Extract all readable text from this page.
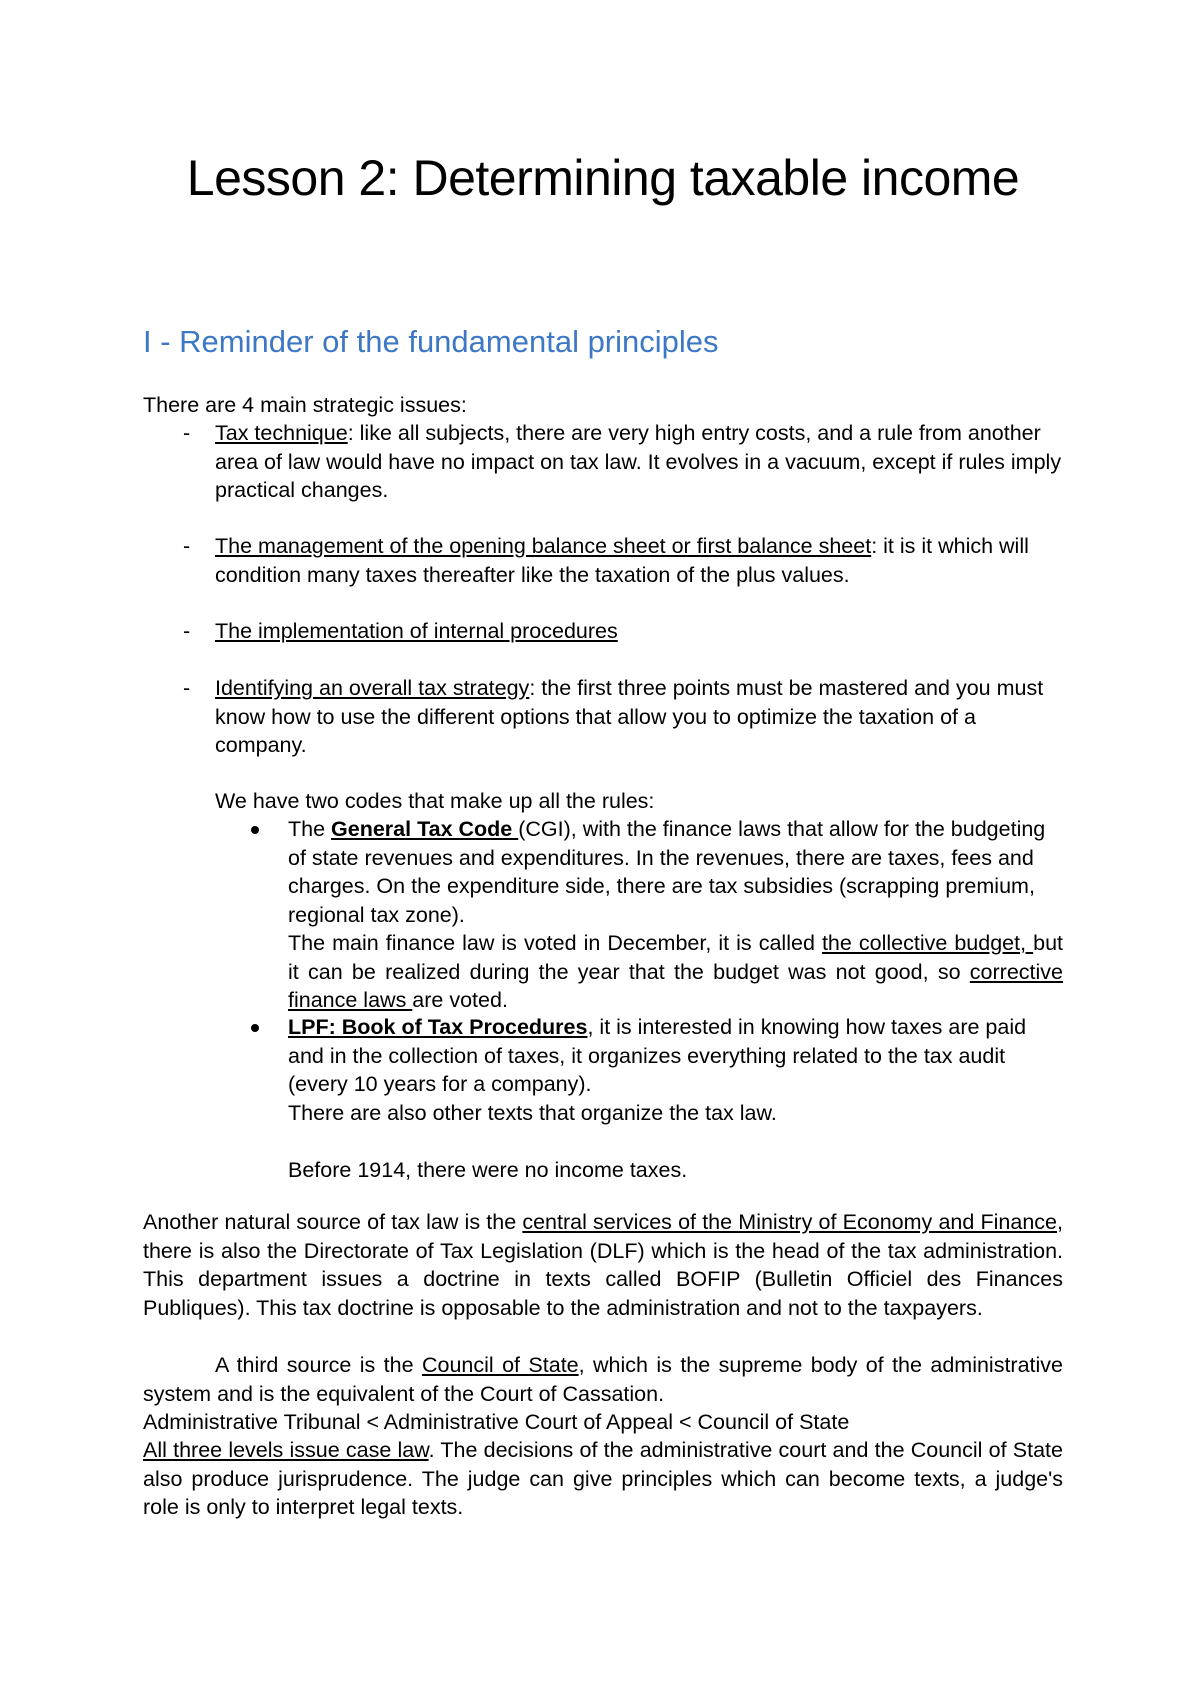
Lesson 2: Determining taxable income
I - Reminder of the fundamental principles

There are 4 main strategic issues:

- Tax technique: like all subjects, there are very high entry costs, and a rule from another area of law would have no impact on tax law. It evolves in a vacuum, except if rules imply practical changes.
- The management of the opening balance sheet or first balance sheet: it is it which will condition many taxes thereafter like the taxation of the plus values.
- The implementation of internal procedures
- Identifying an overall tax strategy: the first three points must be mastered and you must know how to use the different options that allow you to optimize the taxation of a company.

We have two codes that make up all the rules:

The General Tax Code (CGI), with the finance laws that allow for the budgeting of state revenues and expenditures. In the revenues, there are taxes, fees and charges. On the expenditure side, there are tax subsidies (scrapping premium, regional tax zone).
The main finance law is voted in December, it is called the collective budget, but it can be realized during the year that the budget was not good, so corrective finance laws are voted.
LPF: Book of Tax Procedures, it is interested in knowing how taxes are paid and in the collection of taxes, it organizes everything related to the tax audit (every 10 years for a company).
There are also other texts that organize the tax law.
Before 1914, there were no income taxes.

Another natural source of tax law is the central services of the Ministry of Economy and Finance, there is also the Directorate of Tax Legislation (DLF) which is the head of the tax administration. This department issues a doctrine in texts called BOFIP (Bulletin Officiel des Finances Publiques). This tax doctrine is opposable to the administration and not to the taxpayers.

A third source is the Council of State, which is the supreme body of the administrative system and is the equivalent of the Court of Cassation.

Administrative Tribunal < Administrative Court of Appeal < Council of State

All three levels issue case law. The decisions of the administrative court and the Council of State also produce jurisprudence. The judge can give principles which can become texts, a judge's role is only to interpret legal texts.
